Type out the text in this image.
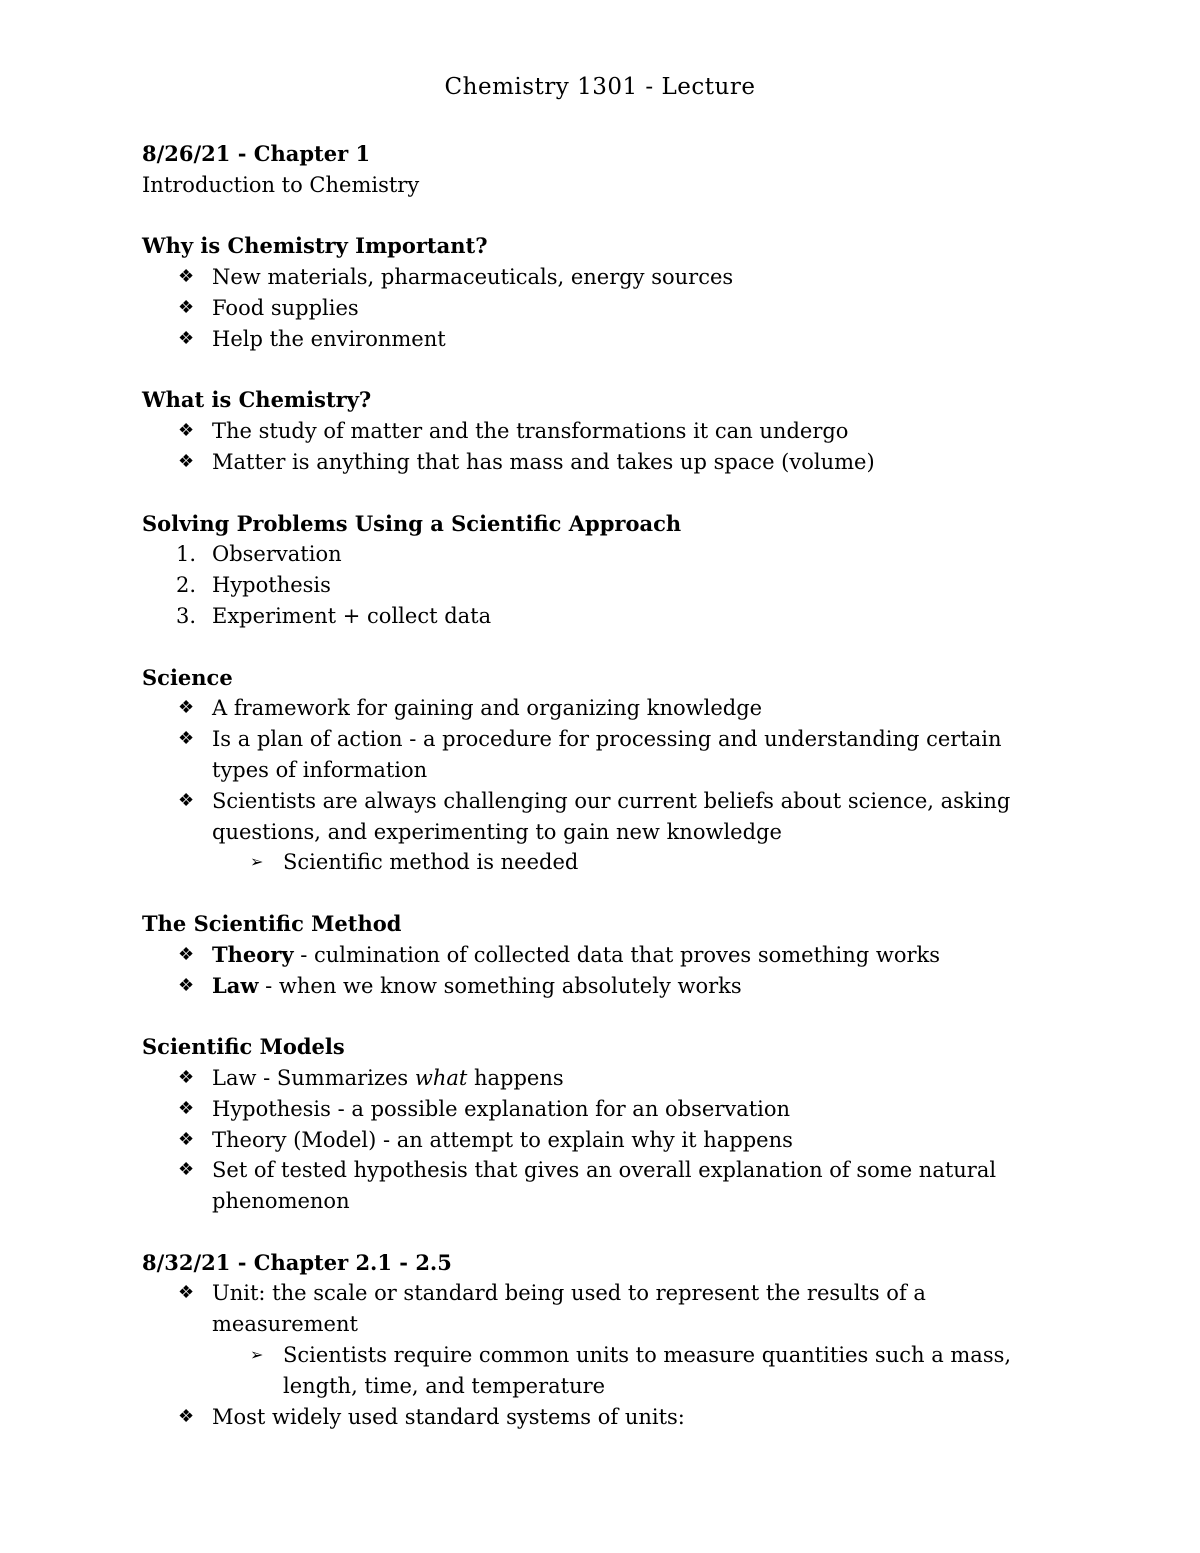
Chemistry 1301 - Lecture
8/26/21 - Chapter 1
Introduction to Chemistry
Why is Chemistry Important?
❖ New materials, pharmaceuticals, energy sources
❖ Food supplies
❖ Help the environment
What is Chemistry?
❖ The study of matter and the transformations it can undergo
❖ Matter is anything that has mass and takes up space (volume)
Solving Problems Using a Scientific Approach
1. Observation
2. Hypothesis
3. Experiment + collect data
Science
❖ A framework for gaining and organizing knowledge
❖ Is a plan of action - a procedure for processing and understanding certain types of information
❖ Scientists are always challenging our current beliefs about science, asking questions, and experimenting to gain new knowledge
➢ Scientific method is needed
The Scientific Method
❖ Theory - culmination of collected data that proves something works
❖ Law - when we know something absolutely works
Scientific Models
❖ Law - Summarizes what happens
❖ Hypothesis - a possible explanation for an observation
❖ Theory (Model) - an attempt to explain why it happens
❖ Set of tested hypothesis that gives an overall explanation of some natural phenomenon
8/32/21 - Chapter 2.1 - 2.5
❖ Unit: the scale or standard being used to represent the results of a measurement
➢ Scientists require common units to measure quantities such a mass, length, time, and temperature
❖ Most widely used standard systems of units:
